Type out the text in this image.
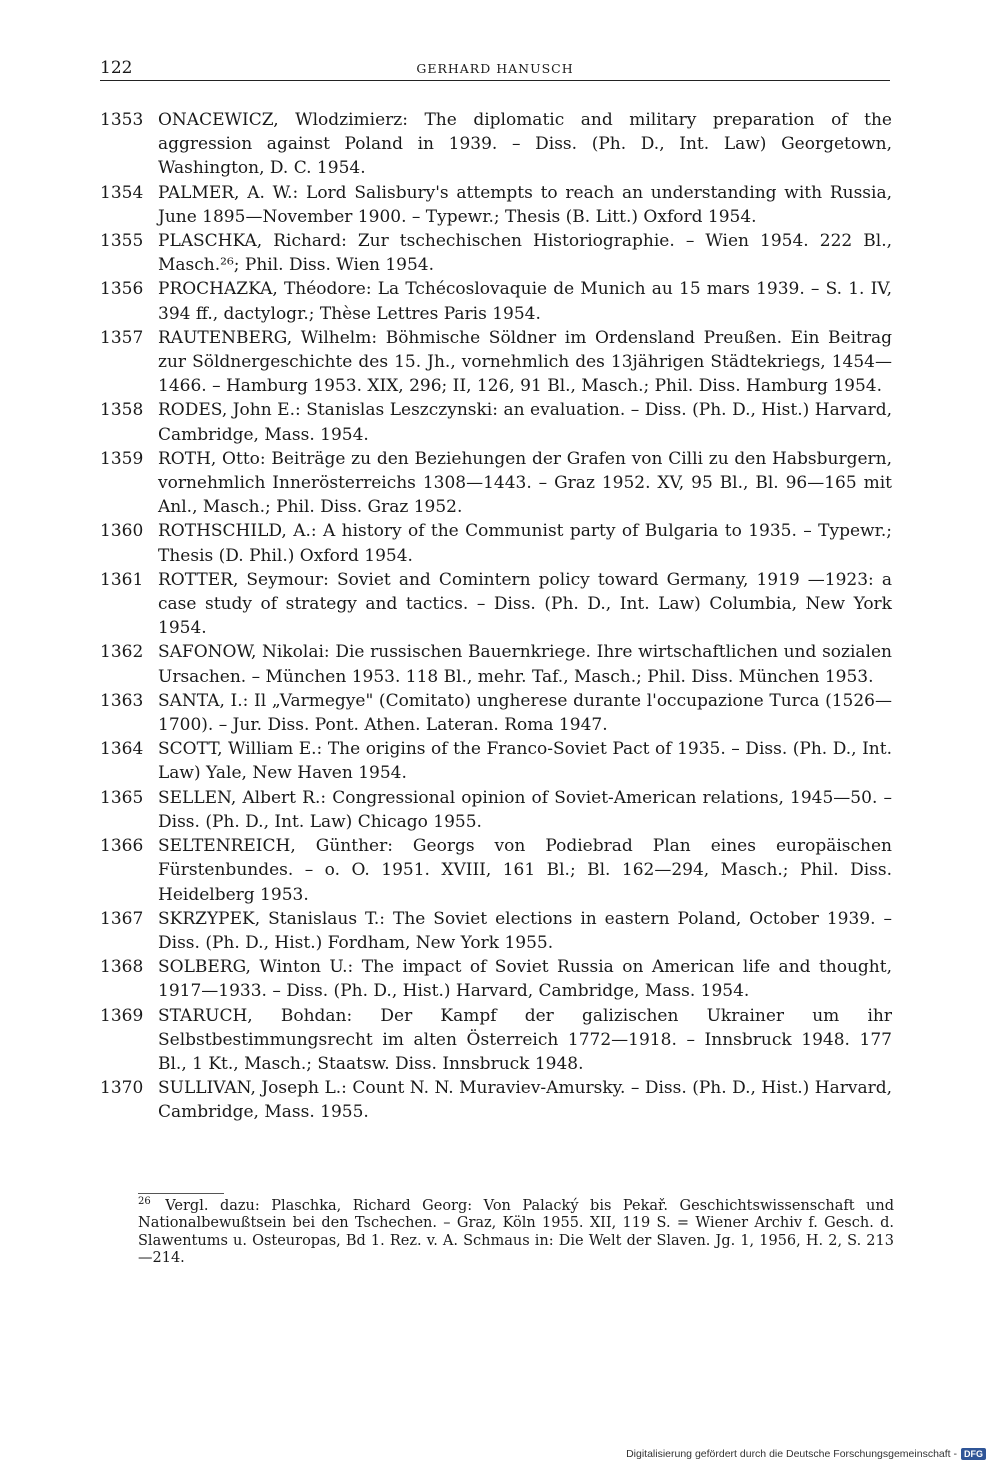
122	GERHARD HANUSCH
1353 ONACEWICZ, Wlodzimierz: The diplomatic and military preparation of the aggression against Poland in 1939. – Diss. (Ph. D., Int. Law) Georgetown, Washington, D. C. 1954.
1354 PALMER, A. W.: Lord Salisbury's attempts to reach an understanding with Russia, June 1895—November 1900. – Typewr.; Thesis (B. Litt.) Oxford 1954.
1355 PLASCHKA, Richard: Zur tschechischen Historiographie. – Wien 1954. 222 Bl., Masch.²⁶; Phil. Diss. Wien 1954.
1356 PROCHAZKA, Théodore: La Tchécoslovaquie de Munich au 15 mars 1939. – S. 1. IV, 394 ff., dactylogr.; Thèse Lettres Paris 1954.
1357 RAUTENBERG, Wilhelm: Böhmische Söldner im Ordensland Preußen. Ein Beitrag zur Söldnergeschichte des 15. Jh., vornehmlich des 13jährigen Städtekriegs, 1454—1466. – Hamburg 1953. XIX, 296; II, 126, 91 Bl., Masch.; Phil. Diss. Hamburg 1954.
1358 RODES, John E.: Stanislas Leszczynski: an evaluation. – Diss. (Ph. D., Hist.) Harvard, Cambridge, Mass. 1954.
1359 ROTH, Otto: Beiträge zu den Beziehungen der Grafen von Cilli zu den Habsburgern, vornehmlich Innerösterreichs 1308—1443. – Graz 1952. XV, 95 Bl., Bl. 96—165 mit Anl., Masch.; Phil. Diss. Graz 1952.
1360 ROTHSCHILD, A.: A history of the Communist party of Bulgaria to 1935. – Typewr.; Thesis (D. Phil.) Oxford 1954.
1361 ROTTER, Seymour: Soviet and Comintern policy toward Germany, 1919 —1923: a case study of strategy and tactics. – Diss. (Ph. D., Int. Law) Columbia, New York 1954.
1362 SAFONOW, Nikolai: Die russischen Bauernkriege. Ihre wirtschaftlichen und sozialen Ursachen. – München 1953. 118 Bl., mehr. Taf., Masch.; Phil. Diss. München 1953.
1363 SANTA, I.: Il „Varmegye" (Comitato) ungherese durante l'occupazione Turca (1526—1700). – Jur. Diss. Pont. Athen. Lateran. Roma 1947.
1364 SCOTT, William E.: The origins of the Franco-Soviet Pact of 1935. – Diss. (Ph. D., Int. Law) Yale, New Haven 1954.
1365 SELLEN, Albert R.: Congressional opinion of Soviet-American relations, 1945—50. – Diss. (Ph. D., Int. Law) Chicago 1955.
1366 SELTENREICH, Günther: Georgs von Podiebrad Plan eines europäischen Fürstenbundes. – o. O. 1951. XVIII, 161 Bl.; Bl. 162—294, Masch.; Phil. Diss. Heidelberg 1953.
1367 SKRZYPEK, Stanislaus T.: The Soviet elections in eastern Poland, October 1939. – Diss. (Ph. D., Hist.) Fordham, New York 1955.
1368 SOLBERG, Winton U.: The impact of Soviet Russia on American life and thought, 1917—1933. – Diss. (Ph. D., Hist.) Harvard, Cambridge, Mass. 1954.
1369 STARUCH, Bohdan: Der Kampf der galizischen Ukrainer um ihr Selbstbestimmungsrecht im alten Österreich 1772—1918. – Innsbruck 1948. 177 Bl., 1 Kt., Masch.; Staatsw. Diss. Innsbruck 1948.
1370 SULLIVAN, Joseph L.: Count N. N. Muraviev-Amursky. – Diss. (Ph. D., Hist.) Harvard, Cambridge, Mass. 1955.
$^{26}$ Vergl. dazu: Plaschka, Richard Georg: Von Palacký bis Pekař. Geschichtswissenschaft und Nationalbewußtsein bei den Tschechen. – Graz, Köln 1955. XII, 119 S. = Wiener Archiv f. Gesch. d. Slawentums u. Osteuropas, Bd 1. Rez. v. A. Schmaus in: Die Welt der Slaven. Jg. 1, 1956, H. 2, S. 213—214.
Digitalisierung gefördert durch die Deutsche Forschungsgemeinschaft - DFG
